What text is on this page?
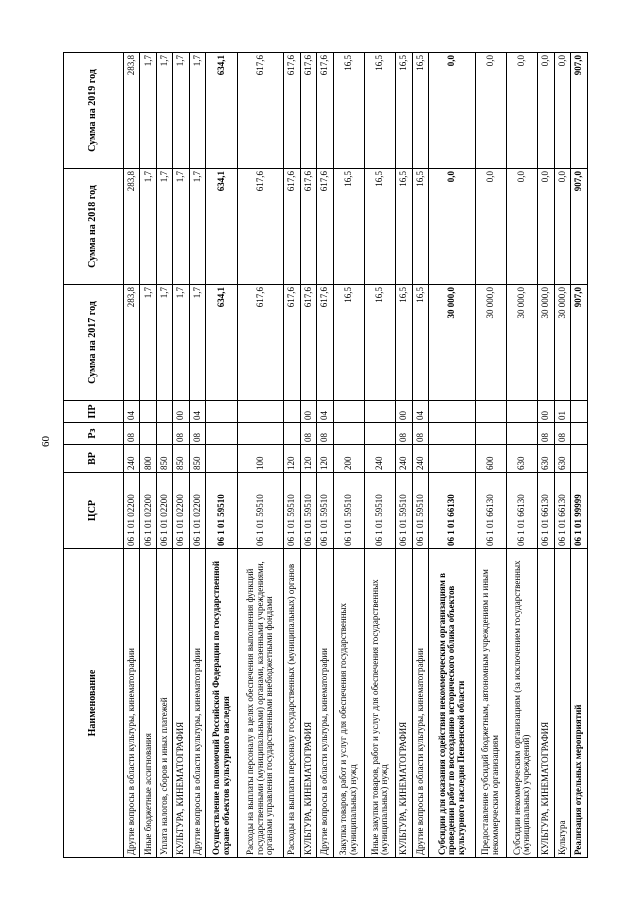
60
Наименование	ЦСР	ВР	Рз	ПР	Сумма на 2017 год	Сумма на 2018 год	Сумма на 2019 год
Другие вопросы в области культуры, кинематографии	06 1 01 02200	240	08	04	283,8	283,8	283,8
Иные бюджетные ассигнования	06 1 01 02200	800			1,7	1,7	1,7
Уплата налогов, сборов и иных платежей	06 1 01 02200	850			1,7	1,7	1,7
КУЛЬТУРА, КИНЕМАТОГРАФИЯ	06 1 01 02200	850	08	00	1,7	1,7	1,7
Другие вопросы в области культуры, кинематографии	06 1 01 02200	850	08	04	1,7	1,7	1,7
Осуществление полномочий Российской Федерации по государственной охране объектов культурного наследия	06 1 01 59510				634,1	634,1	634,1
Расходы на выплаты персоналу в целях обеспечения выполнения функций государственными (муниципальными) органами, казенными учреждениями, органами управления государственными внебюджетными фондами	06 1 01 59510	100			617,6	617,6	617,6
Расходы на выплаты персоналу государственных (муниципальных) органов	06 1 01 59510	120			617,6	617,6	617,6
КУЛЬТУРА, КИНЕМАТОГРАФИЯ	06 1 01 59510	120	08	00	617,6	617,6	617,6
Другие вопросы в области культуры, кинематографии	06 1 01 59510	120	08	04	617,6	617,6	617,6
Закупка товаров, работ и услуг для обеспечения государственных (муниципальных) нужд	06 1 01 59510	200			16,5	16,5	16,5
Иные закупки товаров, работ и услуг для обеспечения государственных (муниципальных) нужд	06 1 01 59510	240			16,5	16,5	16,5
КУЛЬТУРА, КИНЕМАТОГРАФИЯ	06 1 01 59510	240	08	00	16,5	16,5	16,5
Другие вопросы в области культуры, кинематографии	06 1 01 59510	240	08	04	16,5	16,5	16,5
Субсидии для оказания содействия некоммерческим организациям в проведении работ по воссозданию исторического облика объектов культурного наследия Пензенской области	06 1 01 66130				30 000,0	0,0	0,0
Предоставление субсидий бюджетным, автономным учреждениям и иным некоммерческим организациям	06 1 01 66130	600			30 000,0	0,0	0,0
Субсидии некоммерческим организациям (за исключением государственных (муниципальных) учреждений)	06 1 01 66130	630			30 000,0	0,0	0,0
КУЛЬТУРА, КИНЕМАТОГРАФИЯ	06 1 01 66130	630	08	00	30 000,0	0,0	0,0
Культура	06 1 01 66130	630	08	01	30 000,0	0,0	0,0
Реализация отдельных мероприятий	06 1 01 99999				907,0	907,0	907,0
